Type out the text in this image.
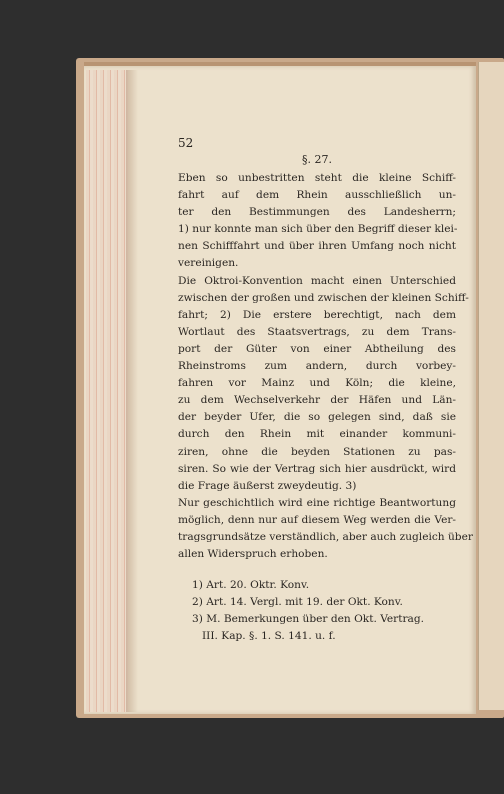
52
§. 27.
Eben so unbestritten steht die kleine Schiff-
fahrt auf dem Rhein ausschließlich un-
ter den Bestimmungen des Landesherrn;
1) nur konnte man sich über den Begriff dieser klei-
nen Schifffahrt und über ihren Umfang noch nicht
vereinigen.
Die Oktroi-Konvention macht einen Unterschied
zwischen der großen und zwischen der kleinen Schiff-
fahrt; 2) Die erstere berechtigt, nach dem
Wortlaut des Staatsvertrags, zu dem Trans-
port der Güter von einer Abtheilung des
Rheinstroms zum andern, durch vorbey-
fahren vor Mainz und Köln; die kleine,
zu dem Wechselverkehr der Häfen und Län-
der beyder Ufer, die so gelegen sind, daß sie
durch den Rhein mit einander kommuni-
ziren, ohne die beyden Stationen zu pas-
siren. So wie der Vertrag sich hier ausdrückt, wird
die Frage äußerst zweydeutig. 3)
Nur geschichtlich wird eine richtige Beantwortung
möglich, denn nur auf diesem Weg werden die Ver-
tragsgrundsätze verständlich, aber auch zugleich über
allen Widerspruch erhoben.
1) Art. 20. Oktr. Konv.
2) Art. 14. Vergl. mit 19. der Okt. Konv.
3) M. Bemerkungen über den Okt. Vertrag.
III. Kap. §. 1. S. 141. u. f.
